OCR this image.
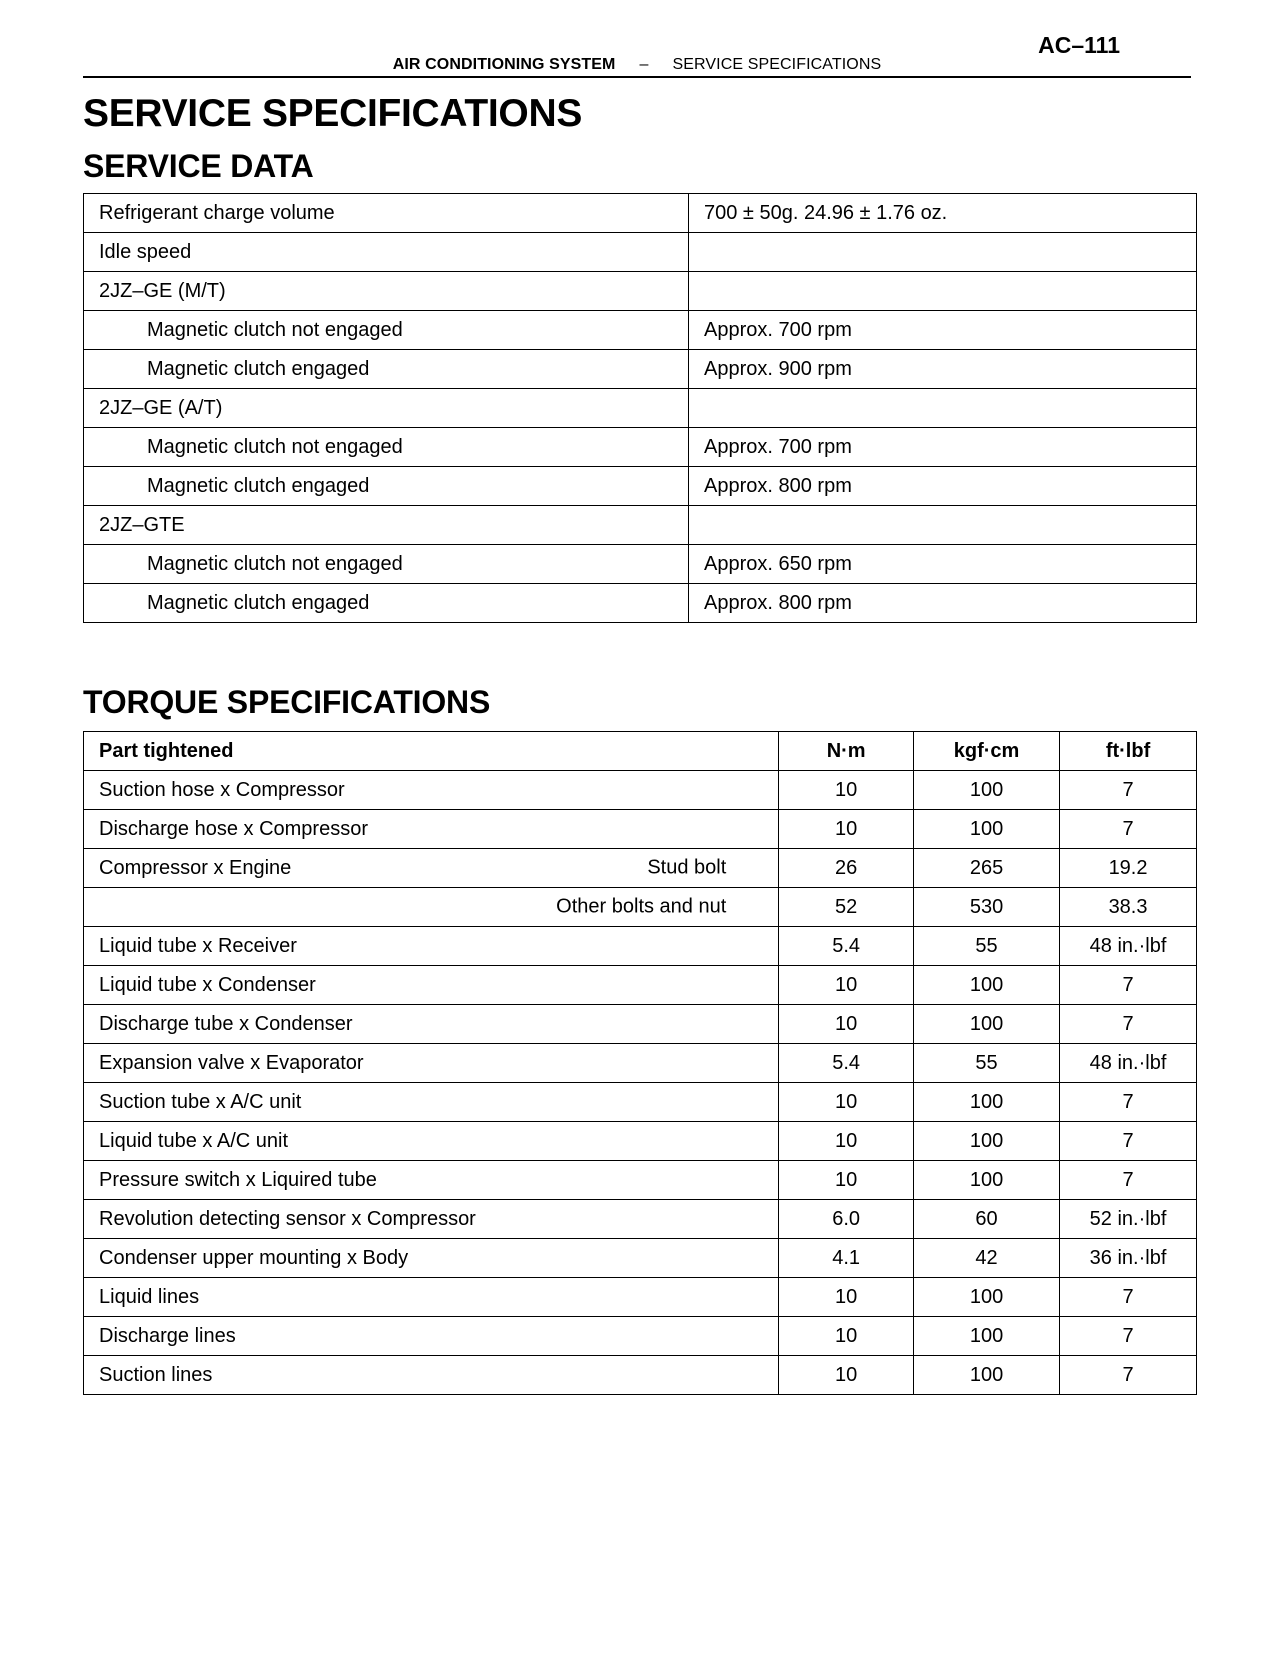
AC–111
AIR CONDITIONING SYSTEM – SERVICE SPECIFICATIONS
SERVICE SPECIFICATIONS
SERVICE DATA
Refrigerant charge volume	700 ± 50g. 24.96 ± 1.76 oz.
Idle speed	
2JZ–GE (M/T)	
Magnetic clutch not engaged	Approx. 700 rpm
Magnetic clutch engaged	Approx. 900 rpm
2JZ–GE (A/T)	
Magnetic clutch not engaged	Approx. 700 rpm
Magnetic clutch engaged	Approx. 800 rpm
2JZ–GTE	
Magnetic clutch not engaged	Approx. 650 rpm
Magnetic clutch engaged	Approx. 800 rpm
TORQUE SPECIFICATIONS
Part tightened	N·m	kgf·cm	ft·lbf
Suction hose x Compressor	10	100	7
Discharge hose x Compressor	10	100	7
Compressor x Engine Stud bolt	26	265	19.2

Other bolts and nut	52	530	38.3
Liquid tube x Receiver	5.4	55	48 in.·lbf
Liquid tube x Condenser	10	100	7
Discharge tube x Condenser	10	100	7
Expansion valve x Evaporator	5.4	55	48 in.·lbf
Suction tube x A/C unit	10	100	7
Liquid tube x A/C unit	10	100	7
Pressure switch x Liquired tube	10	100	7
Revolution detecting sensor x Compressor	6.0	60	52 in.·lbf
Condenser upper mounting x Body	4.1	42	36 in.·lbf
Liquid lines	10	100	7
Discharge lines	10	100	7
Suction lines	10	100	7
